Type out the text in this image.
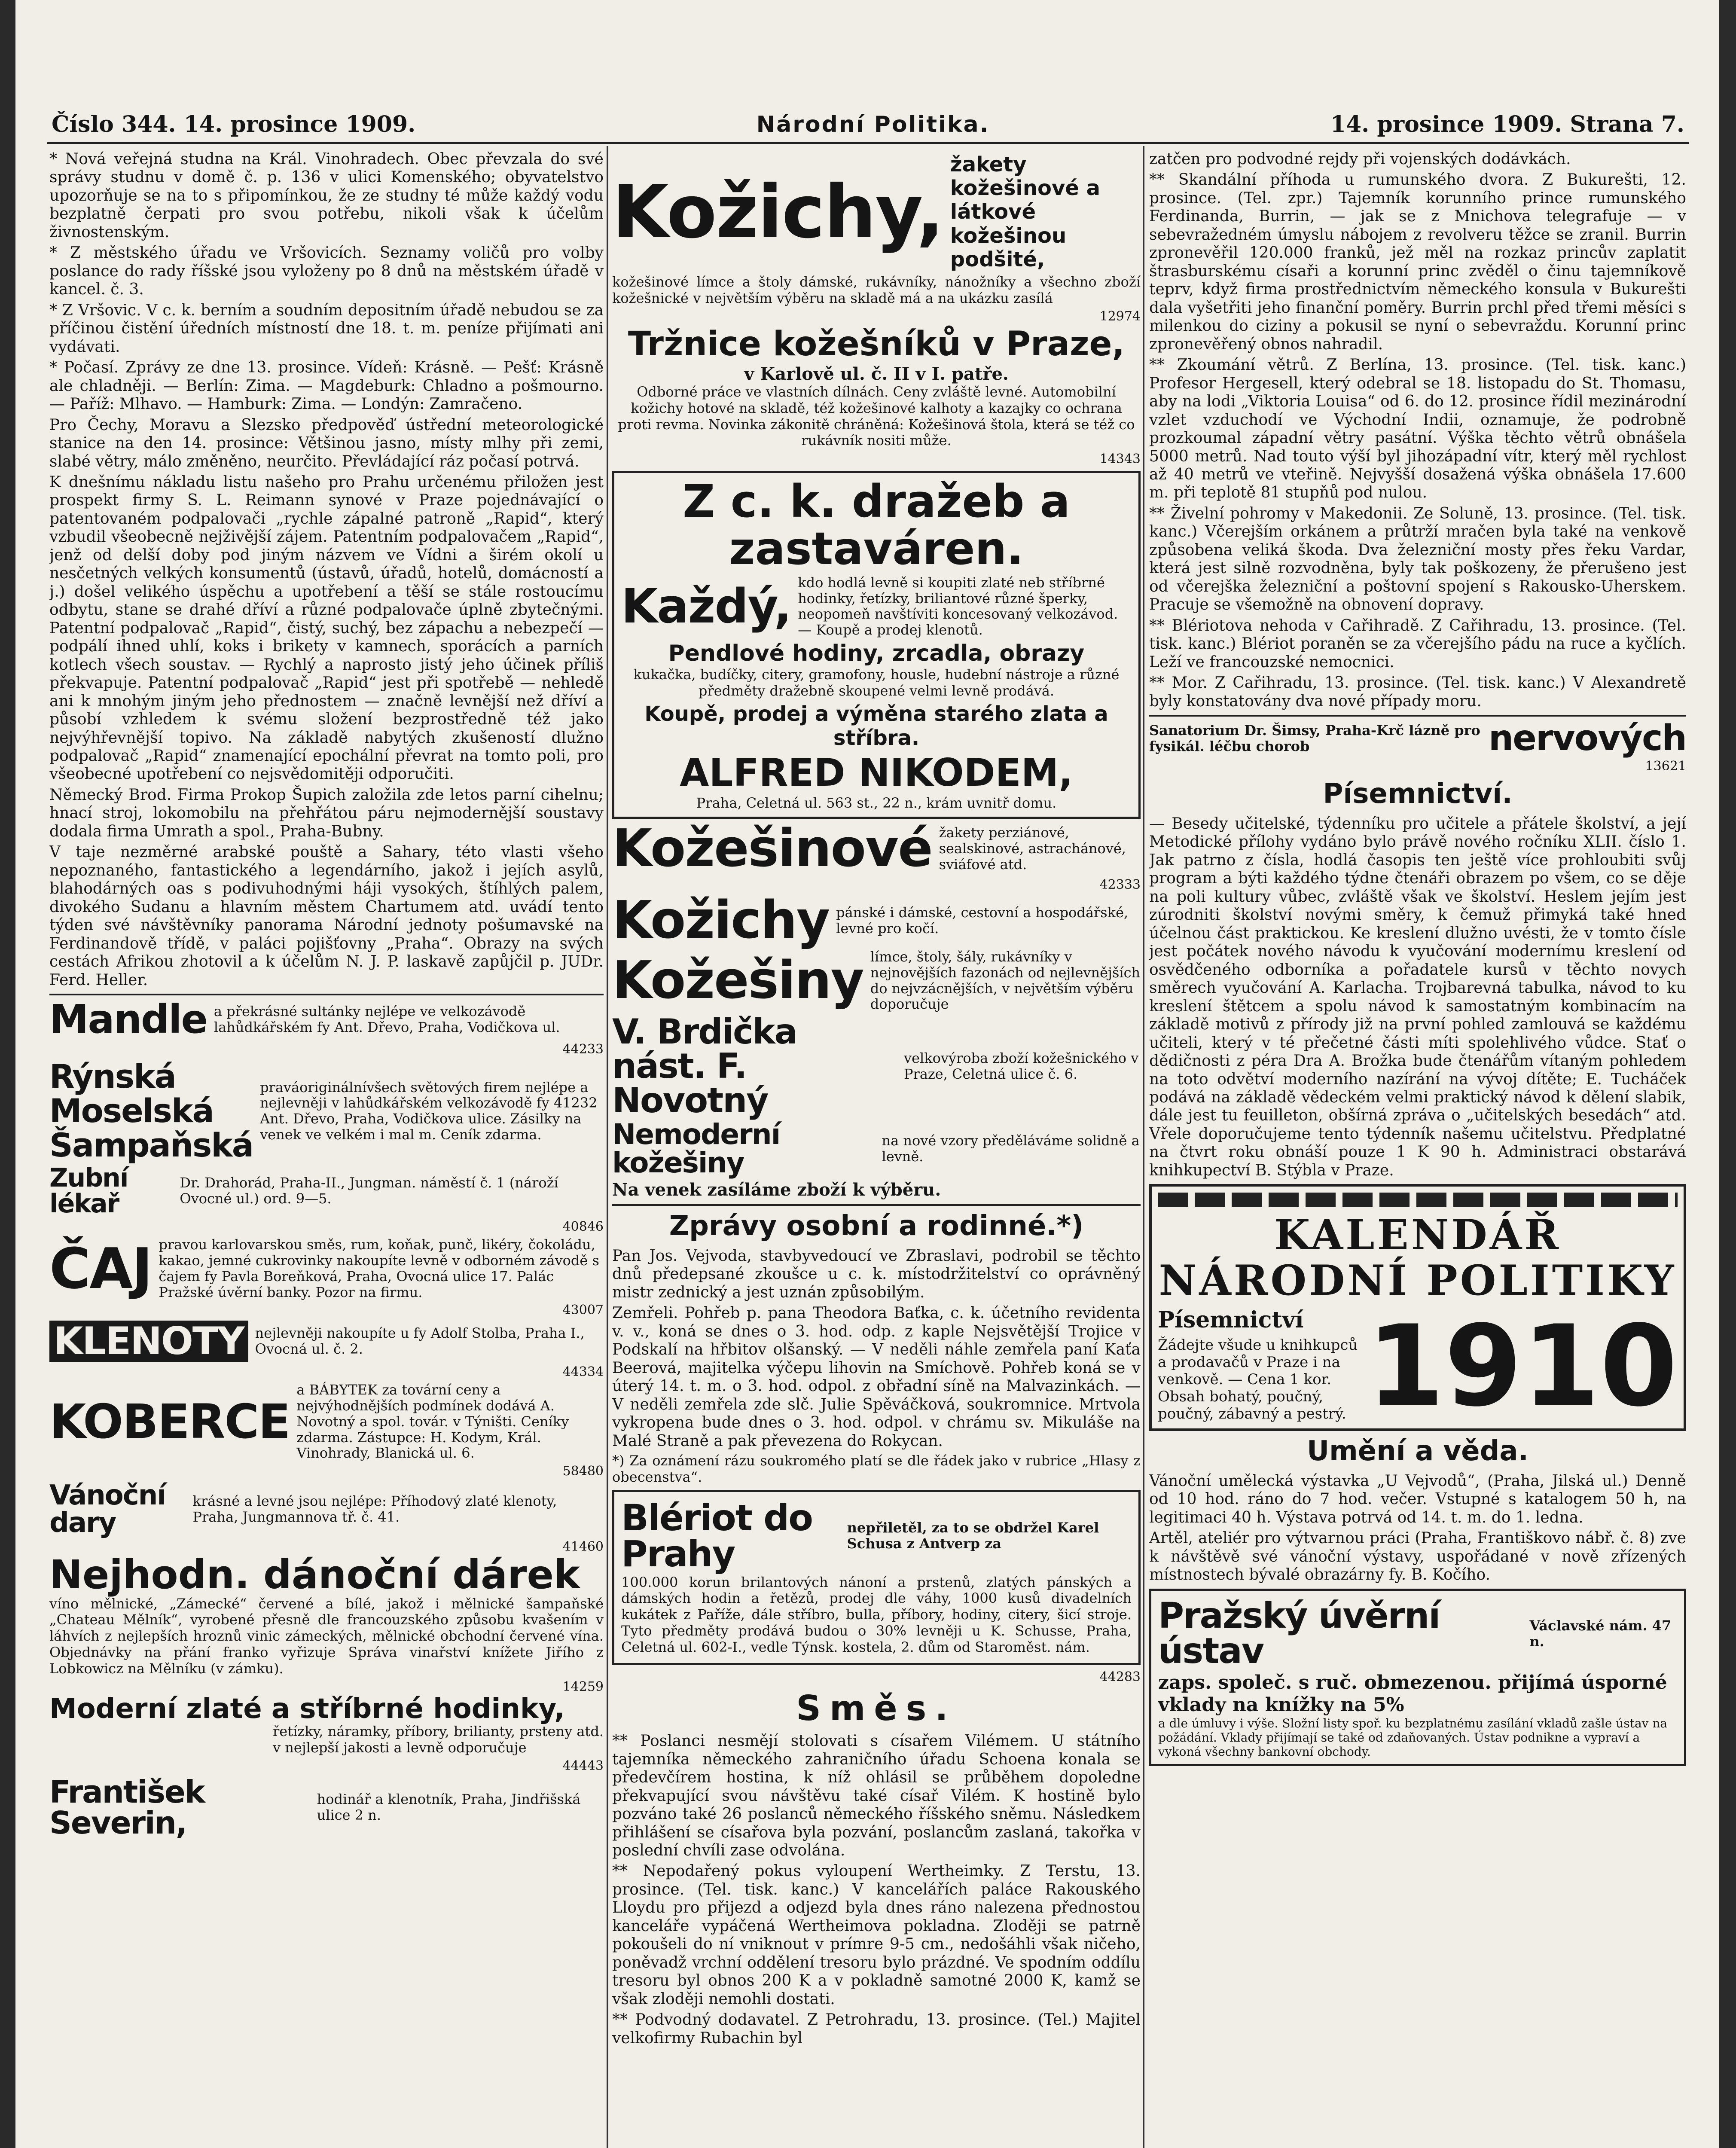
Číslo 344. 14. prosince 1909.	Národní Politika.	14. prosince 1909. Strana 7.

* Nová veřejná studna na Král. Vinohradech. Obec převzala do své správy studnu v domě č. p. 136 v ulici Komenského; obyvatelstvo upozorňuje se na to s připomínkou, že ze studny té může každý vodu bezplatně čerpati pro svou potřebu, nikoli však k účelům živnostenským.

* Z městského úřadu ve Vršovicích. Seznamy voličů pro volby poslance do rady říšské jsou vyloženy po 8 dnů na městském úřadě v kancel. č. 3.

* Z Vršovic. V c. k. berním a soudním depositním úřadě nebudou se za příčinou čistění úředních místností dne 18. t. m. peníze přijímati ani vydávati.

* Počasí. Zprávy ze dne 13. prosince. Vídeň: Krásně. — Pešť: Krásně ale chladněji. — Berlín: Zima. — Magdeburk: Chladno a pošmourno. — Paříž: Mlhavo. — Hamburk: Zima. — Londýn: Zamračeno.

Pro Čechy, Moravu a Slezsko předpověď ústřední meteorologické stanice na den 14. prosince: Většinou jasno, místy mlhy při zemi, slabé větry, málo změněno, neurčito. Převládající ráz počasí potrvá.

K dnešnímu nákladu listu našeho pro Prahu určenému přiložen jest prospekt firmy S. L. Reimann synové v Praze pojednávající o patentovaném podpalovači „rychle zápalné patroně „Rapid“, který vzbudil všeobecně nejživější zájem. Patentním podpalovačem „Rapid“, jenž od delší doby pod jiným názvem ve Vídni a širém okolí u nesčetných velkých konsumentů (ústavů, úřadů, hotelů, domácností a j.) došel velikého úspěchu a upotřebení a těší se stále rostoucímu odbytu, stane se drahé dříví a různé podpalovače úplně zbytečnými. Patentní podpalovač „Rapid“, čistý, suchý, bez zápachu a nebezpečí — podpálí ihned uhlí, koks i brikety v kamnech, sporácích a parních kotlech všech soustav. — Rychlý a naprosto jistý jeho účinek příliš překvapuje. Patentní podpalovač „Rapid“ jest při spotřebě — nehledě ani k mnohým jiným jeho přednostem — značně levnější než dříví a působí vzhledem k svému složení bezprostředně též jako nejvýhřevnější topivo. Na základě nabytých zkušeností dlužno podpalovač „Rapid“ znamenající epochální převrat na tomto poli, pro všeobecné upotřebení co nejsvědomitěji odporučiti.

Německý Brod. Firma Prokop Šupich založila zde letos parní cihelnu; hnací stroj, lokomobilu na přehřátou páru nejmodernější soustavy dodala firma Umrath a spol., Praha-Bubny.

V taje nezměrné arabské pouště a Sahary, této vlasti všeho nepoznaného, fantastického a legendárního, jakož i jejích asylů, blahodárných oas s podivuhodnými háji vysokých, štíhlých palem, divokého Sudanu a hlavním městem Chartumem atd. uvádí tento týden své návštěvníky panorama Národní jednoty pošumavské na Ferdinandově třídě, v paláci pojišťovny „Praha“. Obrazy na svých cestách Afrikou zhotovil a k účelům N. J. P. laskavě zapůjčil p. JUDr. Ferd. Heller.

Mandle a překrásné sultánky nejlépe ve velkozávodě lahůdkářském fy Ant. Dřevo, Praha, Vodičkova ul.
44233
Rýnská Moselská Šampaňská
praváoriginálnívšech světových firem nejlépe a nejlevněji v lahůdkářském velkozávodě fy 41232 Ant. Dřevo, Praha, Vodičkova ulice. Zásilky na venek ve velkém i mal m. Ceník zdarma.
Zubní lékař
Dr. Drahorád, Praha-II., Jungman. náměstí č. 1 (nároží Ovocné ul.) ord. 9—5.
40846
ČAJ pravou karlovarskou směs, rum, koňak, punč, likéry, čokoládu, kakao, jemné cukrovinky nakoupíte levně v odborném závodě s čajem fy Pavla Boreňková, Praha, Ovocná ulice 17. Palác Pražské úvěrní banky. Pozor na firmu.
43007
KLENOTY nejlevněji nakoupíte u fy Adolf Stolba, Praha I., Ovocná ul. č. 2.
44334
KOBERCE
a BÁBYTEK za tovární ceny a nejvýhodnějších podmínek dodává A. Novotný a spol. továr. v Týništi. Ceníky zdarma. Zástupce: H. Kodym, Král. Vinohrady, Blanická ul. 6.
58480
Vánoční dary
krásné a levné jsou nejlépe: Příhodový zlaté klenoty, Praha, Jungmannova tř. č. 41.
41460
Nejhodn. dánoční dárek

víno mělnické, „Zámecké“ červené a bílé, jakož i mělnické šampaňské „Chateau Mělník“, vyrobené přesně dle francouzského způsobu kvašením v láhvích z nejlepších hroznů vinic zámeckých, mělnické obchodní červené vína. Objednávky na přání franko vyřizuje Správa vinařství knížete Jiřího z Lobkowicz na Mělníku (v zámku).

14259
Moderní zlaté a stříbrné hodinky,

řetízky, náramky, příbory, brilianty, prsteny atd. v nejlepší jakosti a levně odporučuje

44443
František Severin,
hodinář a klenotník, Praha, Jindřišská ulice 2 n.
Kožichy,
žakety kožešinové a látkové kožešinou podšité,

kožešinové límce a štoly dámské, rukávníky, nánožníky a všechno zboží kožešnické v největším výběru na skladě má a na ukázku zasílá

12974
Tržnice kožešníků v Praze,
v Karlově ul. č. II v I. patře.

Odborné práce ve vlastních dílnách. Ceny zvláště levné. Automobilní kožichy hotové na skladě, též kožešinové kalhoty a kazajky co ochrana proti revma. Novinka zákonitě chráněná: Kožešinová štola, která se též co rukávník nositi může.

14343
Z c. k. dražeb a zastaváren.
Každý, kdo hodlá levně si koupiti zlaté neb stříbrné hodinky, řetízky, briliantové různé šperky, neopomeň navštíviti koncesovaný velkozávod. — Koupě a prodej klenotů.
Pendlové hodiny, zrcadla, obrazy

kukačka, budíčky, citery, gramofony, housle, hudební nástroje a různé předměty dražebně skoupené velmi levně prodává.

Koupě, prodej a výměna starého zlata a stříbra.
ALFRED NIKODEM,
Praha, Celetná ul. 563 st., 22 n., krám uvnitř domu.
Kožešinové žakety perziánové, sealskinové, astrachánové, sviáfové atd.
42333
Kožichy pánské i dámské, cestovní a hospodářské, levné pro kočí.
Kožešiny límce, štoly, šály, rukávníky v nejnovějších fazonách od nejlevnějších do nejvzácnějších, v největším výběru doporučuje
V. Brdička nást. F. Novotný
velkovýroba zboží kožešnického v Praze, Celetná ulice č. 6.
Nemoderní kožešiny
na nové vzory předěláváme solidně a levně.
Na venek zasíláme zboží k výběru.
Zprávy osobní a rodinné.*)

Pan Jos. Vejvoda, stavbyvedoucí ve Zbraslavi, podrobil se těchto dnů předepsané zkoušce u c. k. místodržitelství co oprávněný mistr zednický a jest uznán způsobilým.

Zemřeli. Pohřeb p. pana Theodora Baťka, c. k. účetního revidenta v. v., koná se dnes o 3. hod. odp. z kaple Nejsvětější Trojice v Podskalí na hřbitov olšanský. — V neděli náhle zemřela paní Kaťa Beerová, majitelka výčepu lihovin na Smíchově. Pohřeb koná se v úterý 14. t. m. o 3. hod. odpol. z obřadní síně na Malvazinkách. — V neděli zemřela zde slč. Julie Spěváčková, soukromnice. Mrtvola vykropena bude dnes o 3. hod. odpol. v chrámu sv. Mikuláše na Malé Straně a pak převezena do Rokycan.

*) Za oznámení rázu soukromého platí se dle řádek jako v rubrice „Hlasy z obecenstva“.

Blériot do Prahy
nepřiletěl, za to se obdržel Karel Schusa z Antverp za

100.000 korun brilantových nánoní a prstenů, zlatých pánských a dámských hodin a řetězů, prodej dle váhy, 1000 kusů divadelních kukátek z Paříže, dále stříbro, bulla, příbory, hodiny, citery, šicí stroje. Tyto předměty prodává budou o 30% levněji u K. Schusse, Praha, Celetná ul. 602-I., vedle Týnsk. kostela, 2. dům od Staroměst. nám.

44283
Směs.

** Poslanci nesmějí stolovati s císařem Vilémem. U státního tajemníka německého zahraničního úřadu Schoena konala se předevčírem hostina, k níž ohlásil se průběhem dopoledne překvapující svou návštěvu také císař Vilém. K hostině bylo pozváno také 26 poslanců německého říšského sněmu. Následkem přihlášení se císařova byla pozvání, poslancům zaslaná, takořka v poslední chvíli zase odvolána.

** Nepodařený pokus vyloupení Wertheimky. Z Terstu, 13. prosince. (Tel. tisk. kanc.) V kancelářích paláce Rakouského Lloydu pro přijezd a odjezd byla dnes ráno nalezena přednostou kanceláře vypáčená Wertheimova pokladna. Zloději se patrně pokoušeli do ní vniknout v prímre 9-5 cm., nedošáhli však ničeho, poněvadž vrchní oddělení tresoru bylo prázdné. Ve spodním oddílu tresoru byl obnos 200 K a v pokladně samotné 2000 K, kamž se však zloději nemohli dostati.

** Podvodný dodavatel. Z Petrohradu, 13. prosince. (Tel.) Majitel velkofirmy Rubachin byl

zatčen pro podvodné rejdy při vojenských dodávkách.

** Skandální příhoda u rumunského dvora. Z Bukurešti, 12. prosince. (Tel. zpr.) Tajemník korunního prince rumunského Ferdinanda, Burrin, — jak se z Mnichova telegrafuje — v sebevražedném úmyslu nábojem z revolveru těžce se zranil. Burrin zpronevěřil 120.000 franků, jež měl na rozkaz princův zaplatit štrasburskému císaři a korunní princ zvěděl o činu tajemníkově teprv, když firma prostřednictvím německého konsula v Bukurešti dala vyšetřiti jeho finanční poměry. Burrin prchl před třemi měsíci s milenkou do ciziny a pokusil se nyní o sebevraždu. Korunní princ zpronevěřený obnos nahradil.

** Zkoumání větrů. Z Berlína, 13. prosince. (Tel. tisk. kanc.) Profesor Hergesell, který odebral se 18. listopadu do St. Thomasu, aby na lodi „Viktoria Louisa“ od 6. do 12. prosince řídil mezinárodní vzlet vzduchodí ve Východní Indii, oznamuje, že podrobně prozkoumal západní větry pasátní. Výška těchto větrů obnášela 5000 metrů. Nad touto výší byl jihozápadní vítr, který měl rychlost až 40 metrů ve vteřině. Nejvyšší dosažená výška obnášela 17.600 m. při teplotě 81 stupňů pod nulou.

** Živelní pohromy v Makedonii. Ze Soluně, 13. prosince. (Tel. tisk. kanc.) Včerejším orkánem a průtrží mračen byla také na venkově způsobena veliká škoda. Dva železniční mosty přes řeku Vardar, která jest silně rozvodněna, byly tak poškozeny, že přerušeno jest od včerejška železniční a poštovní spojení s Rakousko-Uherskem. Pracuje se všemožně na obnovení dopravy.

** Blériotova nehoda v Cařihradě. Z Cařihradu, 13. prosince. (Tel. tisk. kanc.) Blériot poraněn se za včerejšího pádu na ruce a kyčlích. Leží ve francouzské nemocnici.

** Mor. Z Cařihradu, 13. prosince. (Tel. tisk. kanc.) V Alexandretě byly konstatovány dva nové případy moru.

Sanatorium Dr. Šimsy, Praha-Krč lázně pro fysikál. léčbu chorob	nervových
13621
Písemnictví.

— Besedy učitelské, týdenníku pro učitele a přátele školství, a její Metodické přílohy vydáno bylo právě nového ročníku XLII. číslo 1. Jak patrno z čísla, hodlá časopis ten ještě více prohloubiti svůj program a býti každého týdne čtenáři obrazem po všem, co se děje na poli kultury vůbec, zvláště však ve školství. Heslem jejím jest zúrodniti školství novými směry, k čemuž přimyká také hned účelnou část praktickou. Ke kreslení dlužno uvésti, že v tomto čísle jest počátek nového návodu k vyučování modernímu kreslení od osvědčeného odborníka a pořadatele kursů v těchto novych směrech vyučování A. Karlacha. Trojbarevná tabulka, návod to ku kreslení štětcem a spolu návod k samostatným kombinacím na základě motivů z přírody již na první pohled zamlouvá se každému učiteli, který v té přečetné části míti spolehlivého vůdce. Stať o dědičnosti z péra Dra A. Brožka bude čtenářům vítaným pohledem na toto odvětví moderního nazírání na vývoj dítěte; E. Tucháček podává na základě vědeckém velmi praktický návod k dělení slabik, dále jest tu feuilleton, obšírná zpráva o „učitelských besedách“ atd. Vřele doporučujeme tento týdenník našemu učitelstvu. Předplatné na čtvrt roku obnáší pouze 1 K 90 h. Administraci obstarává knihkupectví B. Stýbla v Praze.

KALENDÁŘ NÁRODNÍ POLITIKY
Písemnictví
Žádejte všude u knihkupců a prodavačů v Praze i na venkově. — Cena 1 kor. Obsah bohatý, poučný, poučný, zábavný a pestrý. 1910
Umění a věda.

Vánoční umělecká výstavka „U Vejvodů“, (Praha, Jilská ul.) Denně od 10 hod. ráno do 7 hod. večer. Vstupné s katalogem 50 h, na legitimaci 40 h. Výstava potrvá od 14. t. m. do 1. ledna.

Artěl, ateliér pro výtvarnou práci (Praha, Františkovo nábř. č. 8) zve k návštěvě své vánoční výstavy, uspořádané v nově zřízených místnostech bývalé obrazárny fy. B. Kočího.

Pražský úvěrní ústav
Václavské nám. 47 n.
zaps. společ. s ruč. obmezenou. přijímá úsporné vklady na knížky na 5%
a dle úmluvy i výše. Složní listy spoř. ku bezplatnému zasílání vkladů zašle ústav na požádání. Vklady přijímají se také od zdaňovaných. Ústav podnikne a vypraví a vykoná všechny bankovní obchody.
